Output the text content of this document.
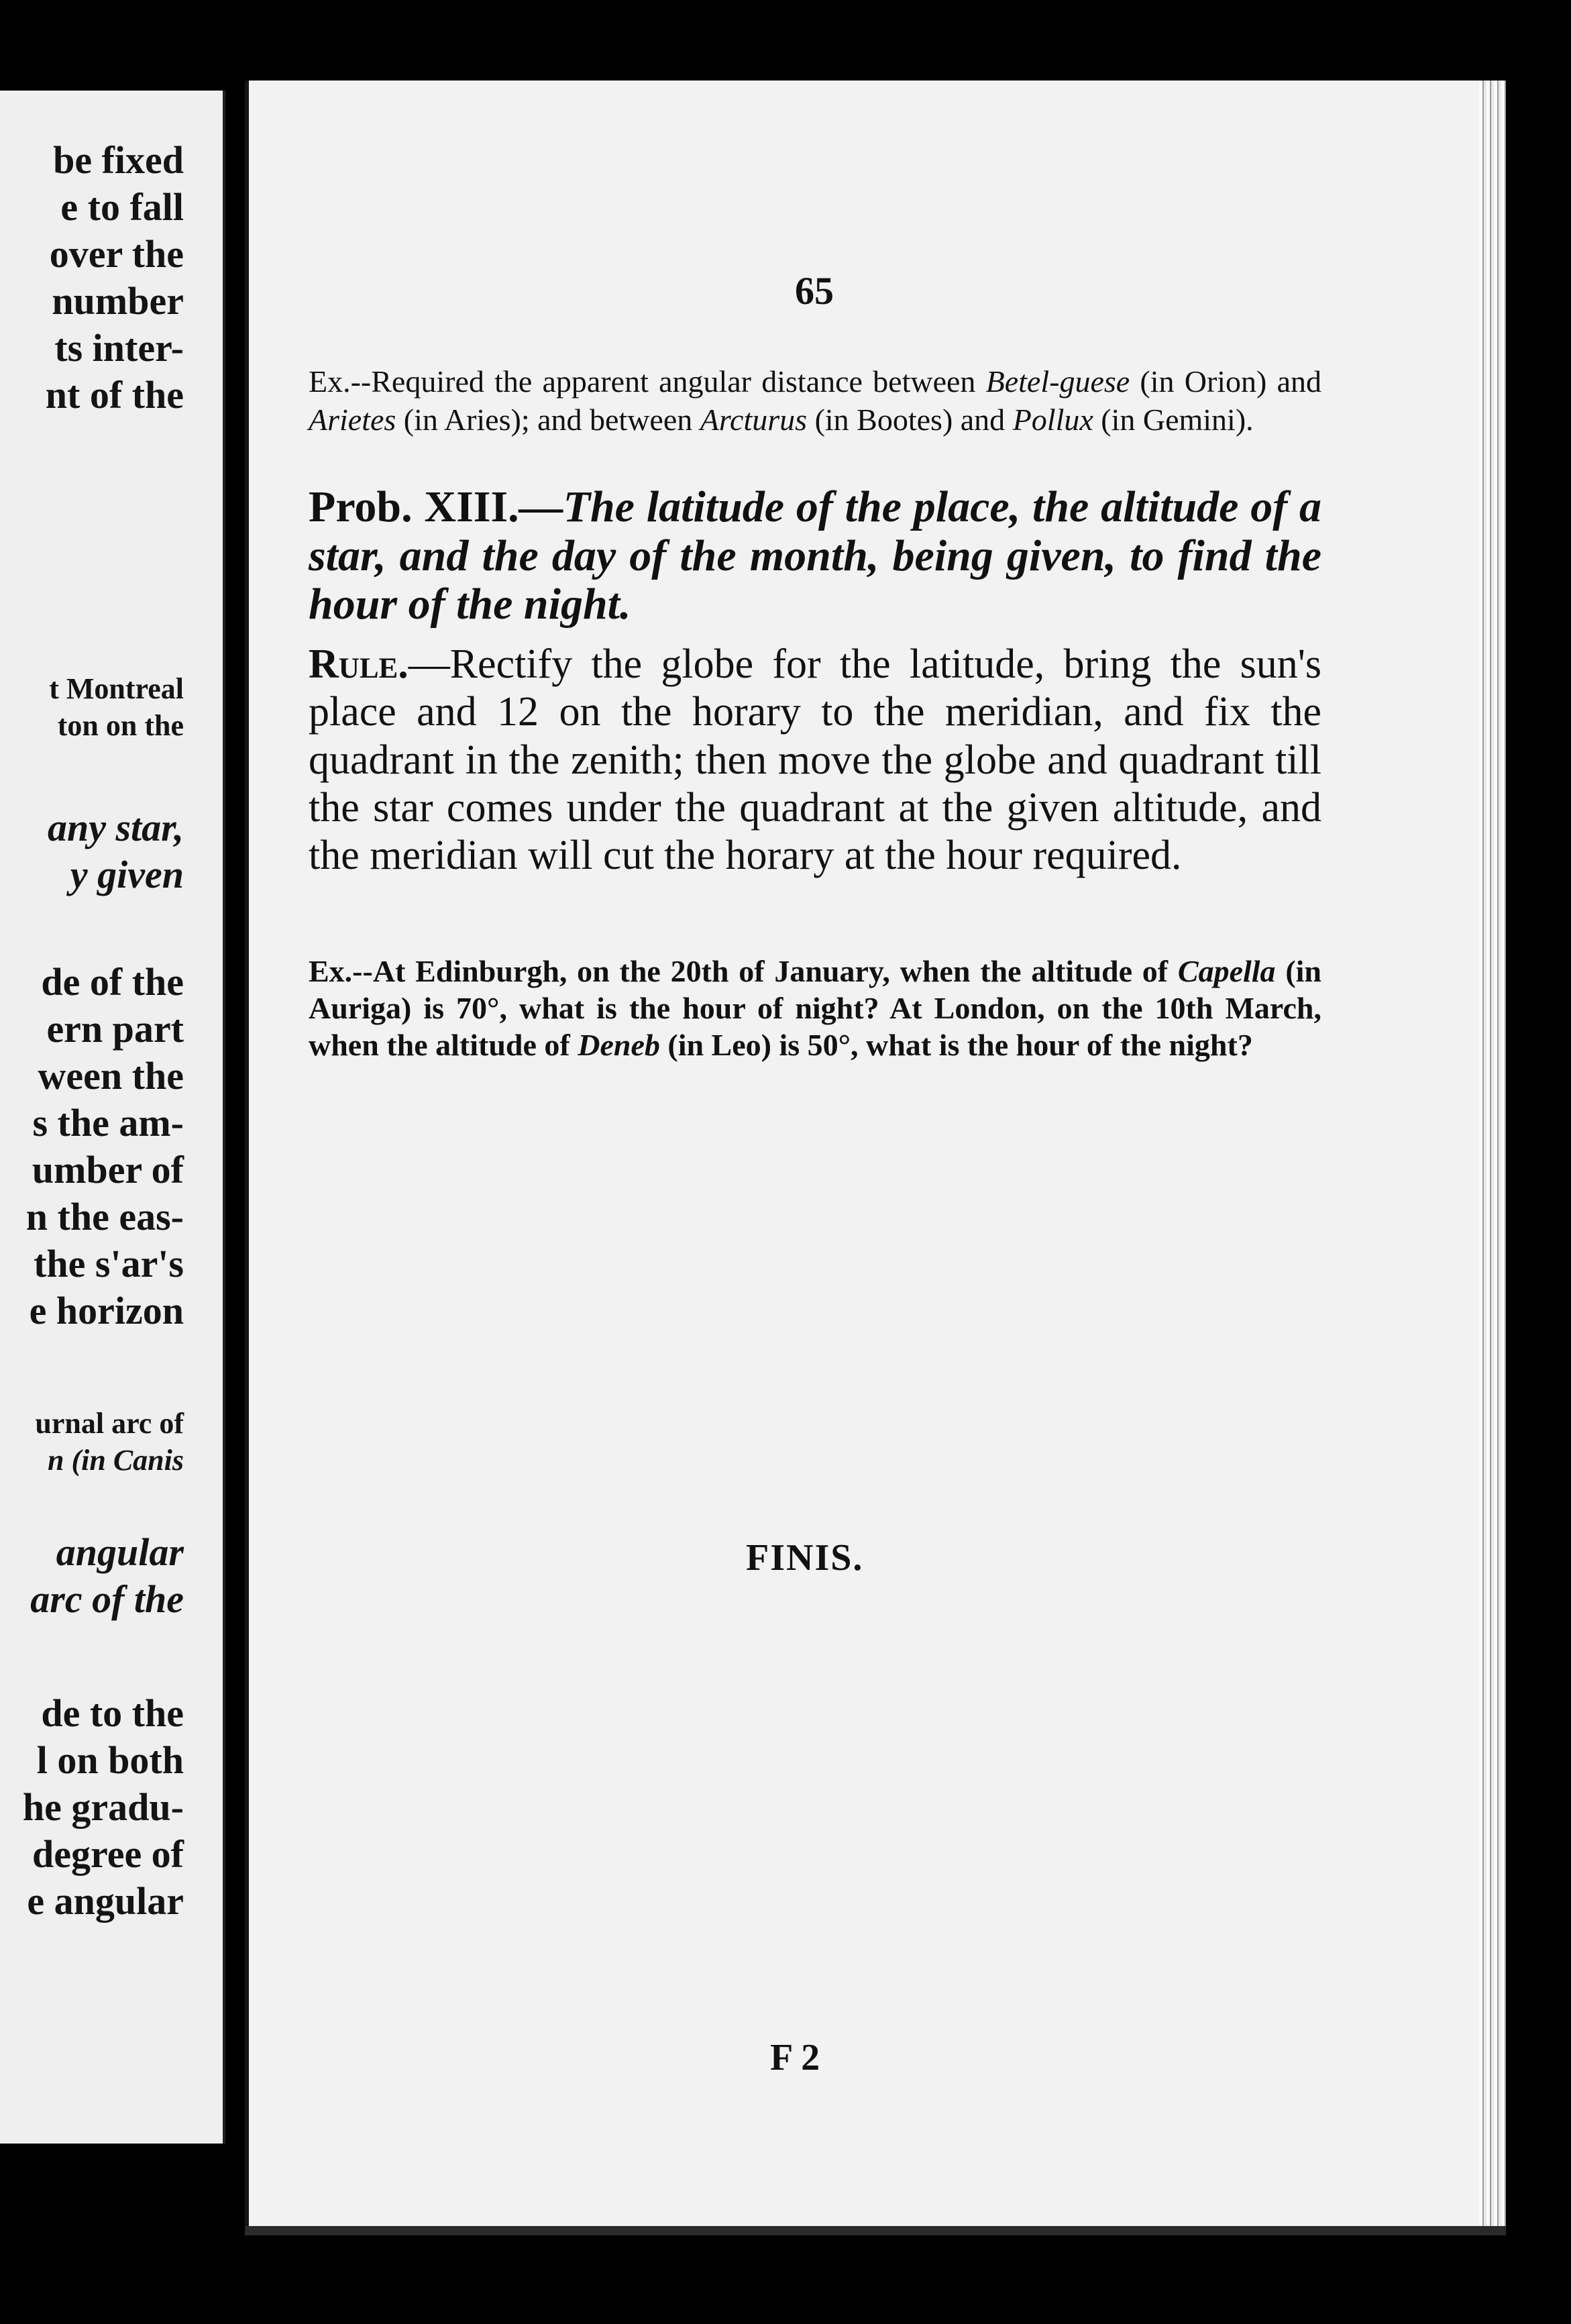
be fixed
e to fall
over the
number
ts inter-
nt of the
t Montreal
ton on the
any star,
y given
de of the
ern part
ween the
s the am-
umber of
n the eas-
the s'ar's
e horizon
urnal arc of
n (in Canis
angular
arc of the
de to the
l on both
he gradu-
degree of
e angular
65
Ex.--Required the apparent angular distance between Betel-guese (in Orion) and Arietes (in Aries); and between Arcturus (in Bootes) and Pollux (in Gemini).
Prob. XIII.—The latitude of the place, the altitude of a star, and the day of the month, being given, to find the hour of the night.
Rule.—Rectify the globe for the latitude, bring the sun's place and 12 on the horary to the meridian, and fix the quadrant in the zenith; then move the globe and quadrant till the star comes under the quadrant at the given altitude, and the meridian will cut the horary at the hour required.
Ex.--At Edinburgh, on the 20th of January, when the altitude of Capella (in Auriga) is 70°, what is the hour of night? At London, on the 10th March, when the altitude of Deneb (in Leo) is 50°, what is the hour of the night?
FINIS.
F 2
